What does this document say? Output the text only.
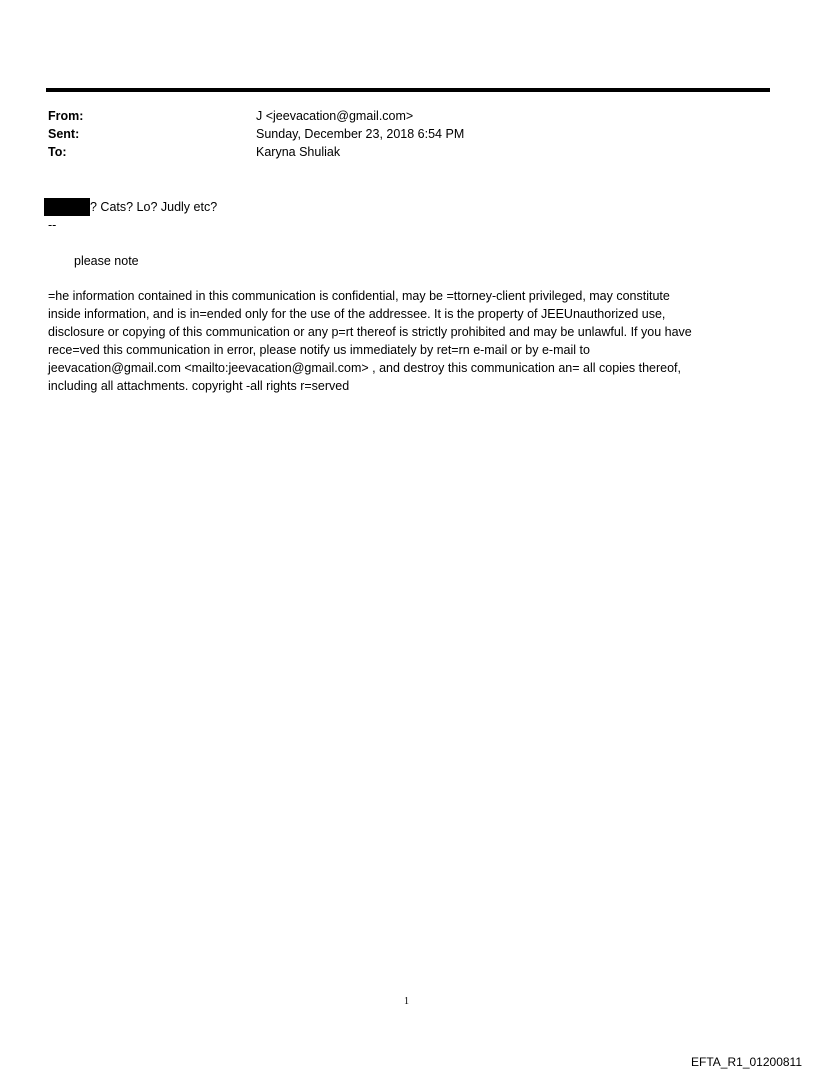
From:	J <jeevacation@gmail.com>
Sent:	Sunday, December 23, 2018 6:54 PM
To:	Karyna Shuliak
? Cats? Lo? Judly etc?
--
please note
=he information contained in this communication is confidential, may be =ttorney-client privileged, may constitute
inside information, and is in=ended only for the use of the addressee. It is the property of JEEUnauthorized use,
disclosure or copying of this communication or any p=rt thereof is strictly prohibited and may be unlawful. If you have
rece=ved this communication in error, please notify us immediately by ret=rn e-mail or by e-mail to
jeevacation@gmail.com <mailto:jeevacation@gmail.com> , and destroy this communication an= all copies thereof,
including all attachments. copyright -all rights r=served
1
EFTA_R1_01200811
